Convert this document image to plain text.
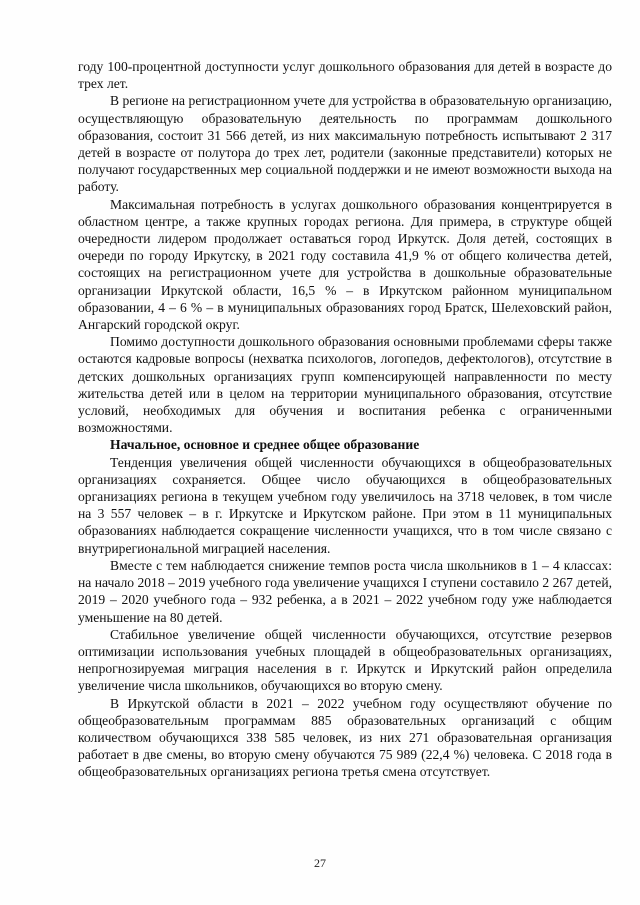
году 100-процентной доступности услуг дошкольного образования для детей в возрасте до трех лет.

В регионе на регистрационном учете для устройства в образовательную организацию, осуществляющую образовательную деятельность по программам дошкольного образования, состоит 31 566 детей, из них максимальную потребность испытывают 2 317 детей в возрасте от полутора до трех лет, родители (законные представители) которых не получают государственных мер социальной поддержки и не имеют возможности выхода на работу.

Максимальная потребность в услугах дошкольного образования концентрируется в областном центре, а также крупных городах региона. Для примера, в структуре общей очередности лидером продолжает оставаться город Иркутск. Доля детей, состоящих в очереди по городу Иркутску, в 2021 году составила 41,9 % от общего количества детей, состоящих на регистрационном учете для устройства в дошкольные образовательные организации Иркутской области, 16,5 % – в Иркутском районном муниципальном образовании, 4 – 6 % – в муниципальных образованиях город Братск, Шелеховский район, Ангарский городской округ.

Помимо доступности дошкольного образования основными проблемами сферы также остаются кадровые вопросы (нехватка психологов, логопедов, дефектологов), отсутствие в детских дошкольных организациях групп компенсирующей направленности по месту жительства детей или в целом на территории муниципального образования, отсутствие условий, необходимых для обучения и воспитания ребенка с ограниченными возможностями.

Начальное, основное и среднее общее образование

Тенденция увеличения общей численности обучающихся в общеобразовательных организациях сохраняется. Общее число обучающихся в общеобразовательных организациях региона в текущем учебном году увеличилось на 3718 человек, в том числе на 3 557 человек – в г. Иркутске и Иркутском районе. При этом в 11 муниципальных образованиях наблюдается сокращение численности учащихся, что в том числе связано с внутрирегиональной миграцией населения.

Вместе с тем наблюдается снижение темпов роста числа школьников в 1 – 4 классах: на начало 2018 – 2019 учебного года увеличение учащихся I ступени составило 2 267 детей, 2019 – 2020 учебного года – 932 ребенка, а в 2021 – 2022 учебном году уже наблюдается уменьшение на 80 детей.

Стабильное увеличение общей численности обучающихся, отсутствие резервов оптимизации использования учебных площадей в общеобразовательных организациях, непрогнозируемая миграция населения в г. Иркутск и Иркутский район определила увеличение числа школьников, обучающихся во вторую смену.

В Иркутской области в 2021 – 2022 учебном году осуществляют обучение по общеобразовательным программам 885 образовательных организаций с общим количеством обучающихся 338 585 человек, из них 271 образовательная организация работает в две смены, во вторую смену обучаются 75 989 (22,4 %) человека. С 2018 года в общеобразовательных организациях региона третья смена отсутствует.

27
